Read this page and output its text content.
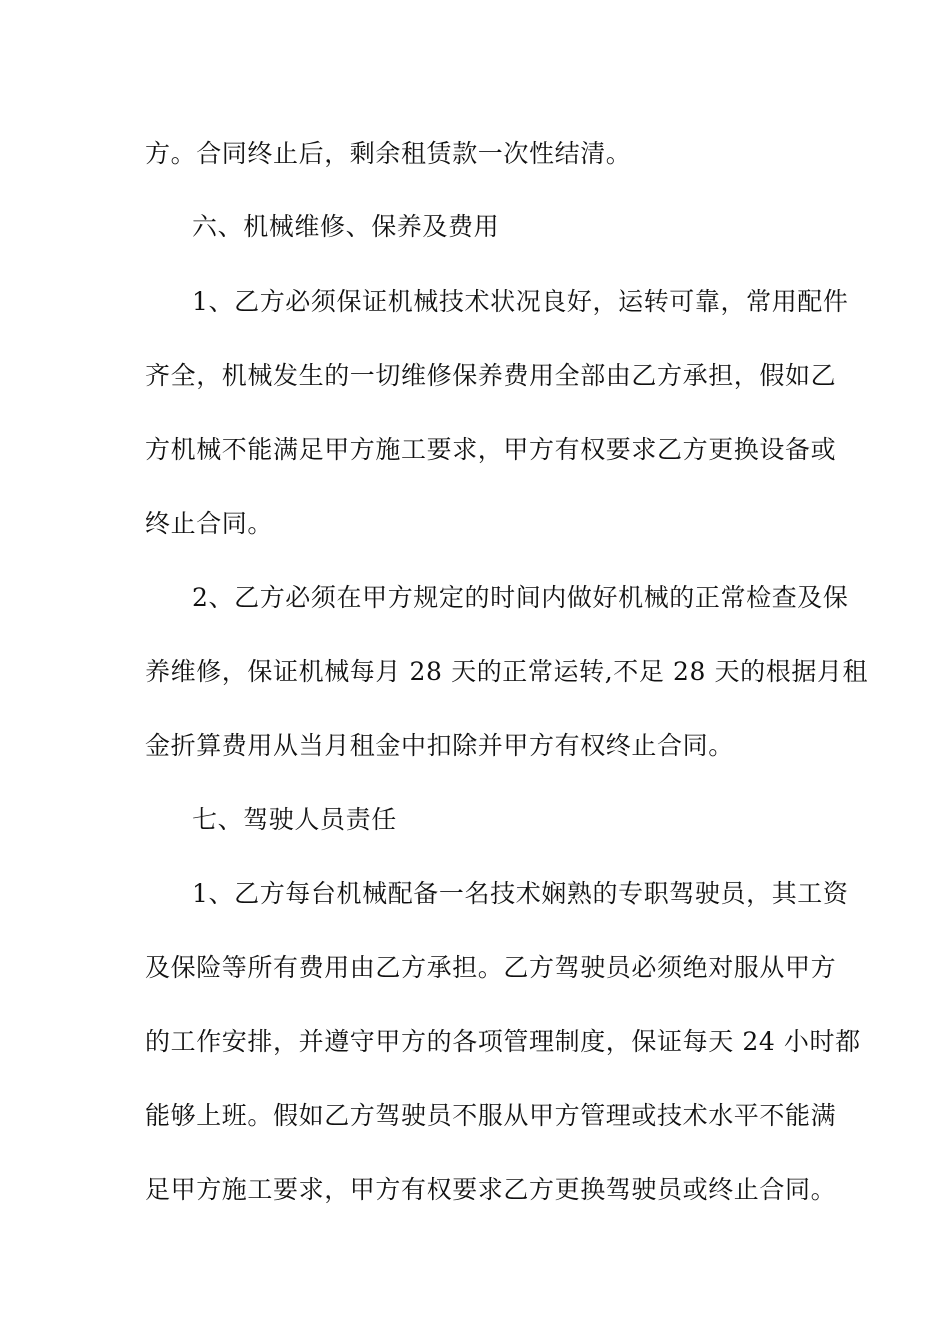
方。合同终止后，剩余租赁款一次性结清。
六、机械维修、保养及费用
1、乙方必须保证机械技术状况良好，运转可靠，常用配件
齐全，机械发生的一切维修保养费用全部由乙方承担，假如乙
方机械不能满足甲方施工要求，甲方有权要求乙方更换设备或
终止合同。
2、乙方必须在甲方规定的时间内做好机械的正常检查及保
养维修，保证机械每月 28 天的正常运转,不足 28 天的根据月租
金折算费用从当月租金中扣除并甲方有权终止合同。
七、驾驶人员责任
1、乙方每台机械配备一名技术娴熟的专职驾驶员，其工资
及保险等所有费用由乙方承担。乙方驾驶员必须绝对服从甲方
的工作安排，并遵守甲方的各项管理制度，保证每天 24 小时都
能够上班。假如乙方驾驶员不服从甲方管理或技术水平不能满
足甲方施工要求，甲方有权要求乙方更换驾驶员或终止合同。
